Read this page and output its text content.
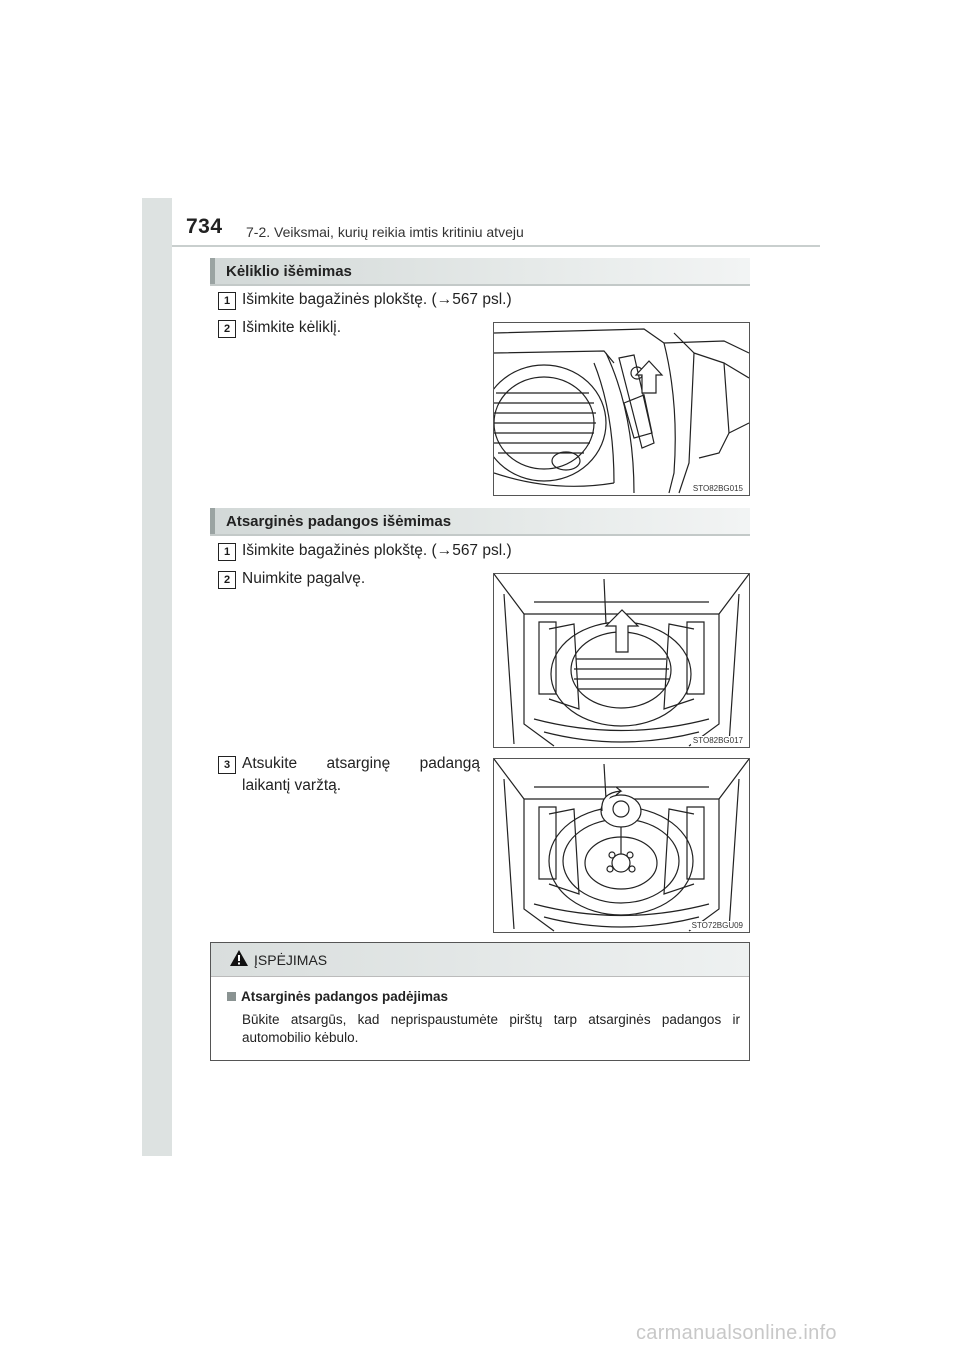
734 7-2. Veiksmai, kurių reikia imtis kritiniu atveju
Kėliklio išėmimas
1 Išimkite bagažinės plokštę. (→567 psl.)
2 Išimkite kėliklį.
STO82BG015
Atsarginės padangos išėmimas
1 Išimkite bagažinės plokštę. (→567 psl.)
2 Nuimkite pagalvę.
STO82BG017
3 Atsukite atsarginę padangą
laikantį varžtą.
STO72BGU09
ĮSPĖJIMAS
Atsarginės padangos padėjimas
Būkite atsargūs, kad neprispaustumėte pirštų tarp atsarginės padangos ir automobilio kėbulo.
carmanualsonline.info
